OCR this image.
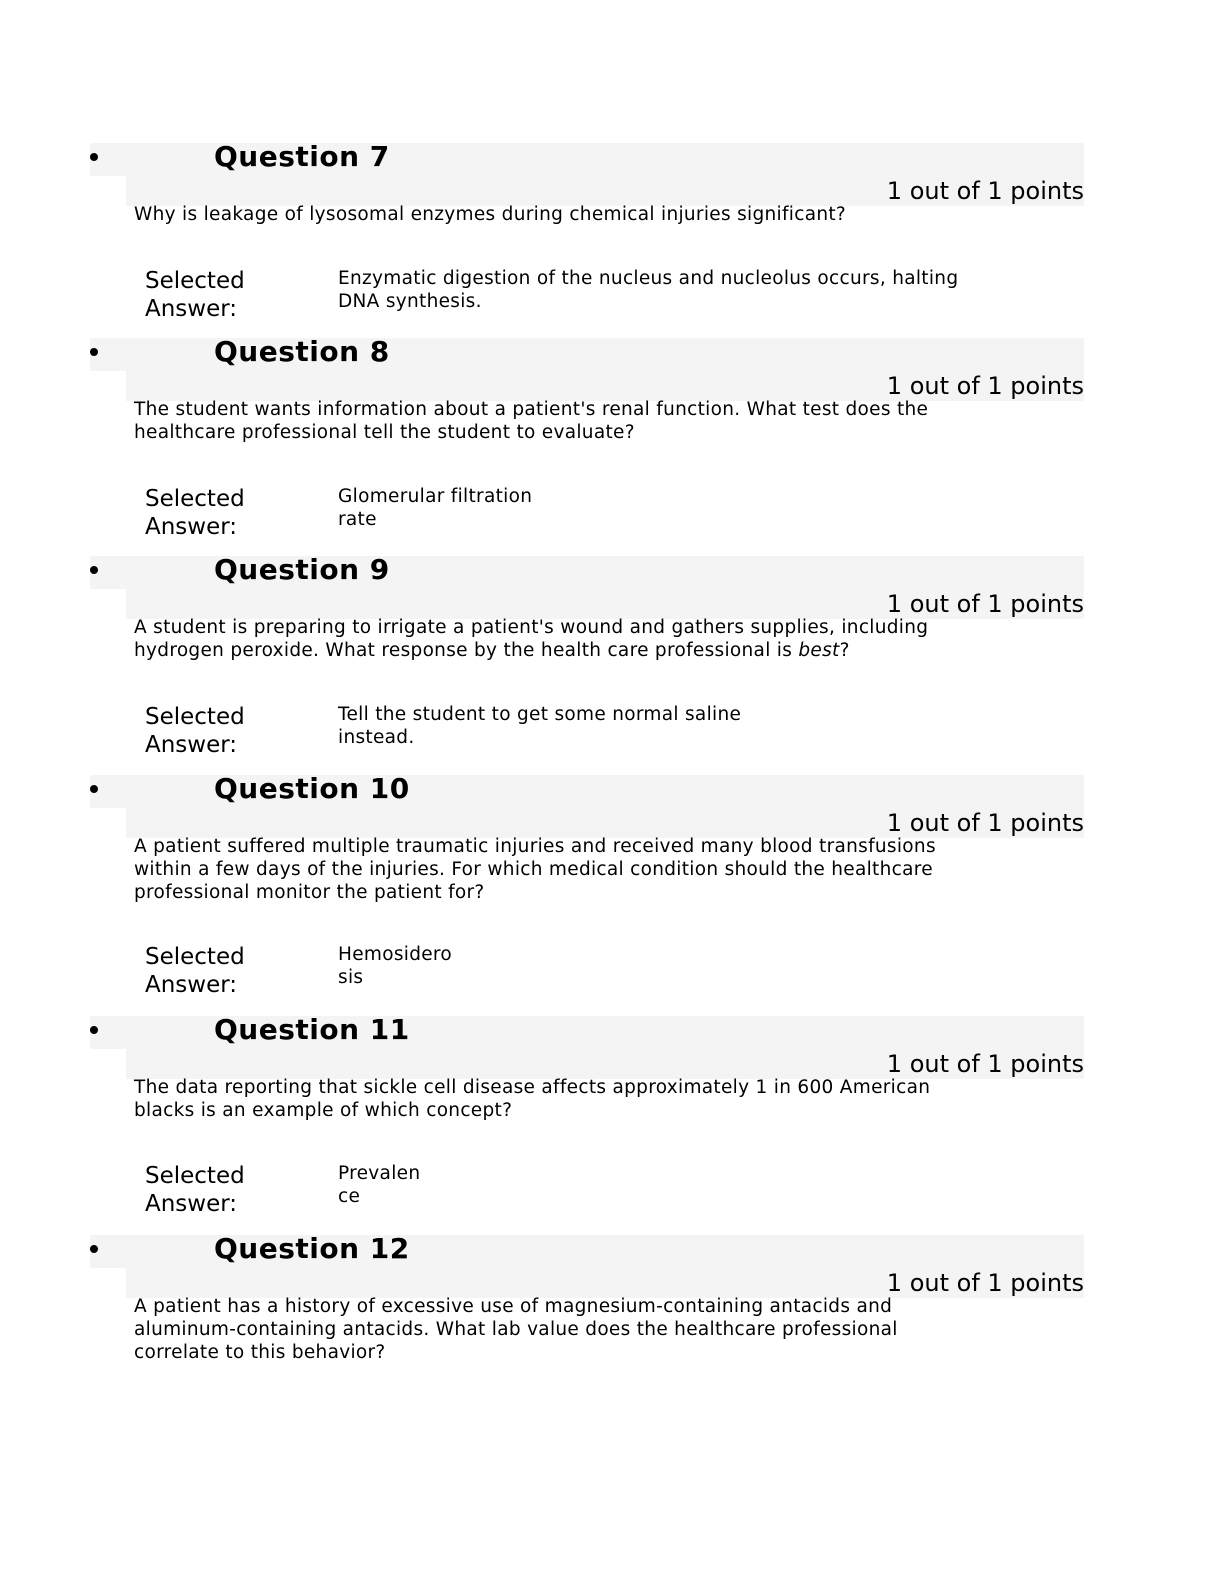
Question 7
1 out of 1 points
Why is leakage of lysosomal enzymes during chemical injuries significant?
Selected
Answer:
Enzymatic digestion of the nucleus and nucleolus occurs, halting
DNA synthesis.
Question 8
1 out of 1 points
The student wants information about a patient's renal function. What test does the healthcare professional tell the student to evaluate?
Selected
Answer:
Glomerular filtration
rate
Question 9
1 out of 1 points
A student is preparing to irrigate a patient's wound and gathers supplies, including hydrogen peroxide. What response by the health care professional is best?
Selected
Answer:
Tell the student to get some normal saline
instead.
Question 10
1 out of 1 points
A patient suffered multiple traumatic injuries and received many blood transfusions within a few days of the injuries. For which medical condition should the healthcare professional monitor the patient for?
Selected
Answer:
Hemosidero
sis
Question 11
1 out of 1 points
The data reporting that sickle cell disease affects approximately 1 in 600 American blacks is an example of which concept?
Selected
Answer:
Prevalen
ce
Question 12
1 out of 1 points
A patient has a history of excessive use of magnesium-containing antacids and aluminum-containing antacids. What lab value does the healthcare professional correlate to this behavior?
